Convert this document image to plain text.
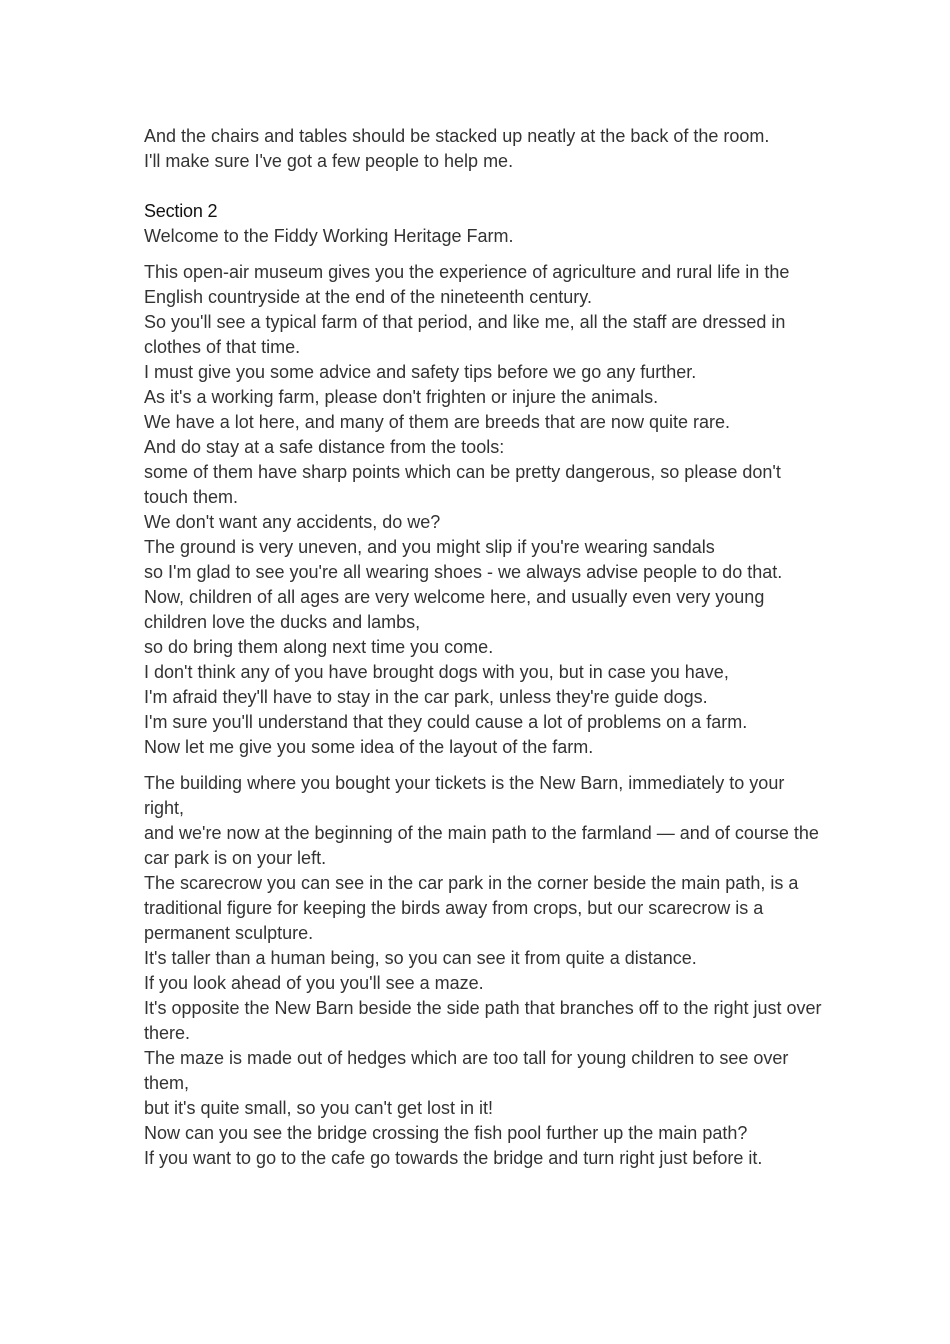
And the chairs and tables should be stacked up neatly at the back of the room.
I'll make sure I've got a few people to help me.
Section 2
Welcome to the Fiddy Working Heritage Farm.
This open-air museum gives you the experience of agriculture and rural life in the English countryside at the end of the nineteenth century.
So you'll see a typical farm of that period, and like me, all the staff are dressed in clothes of that time.
I must give you some advice and safety tips before we go any further.
As it's a working farm, please don't frighten or injure the animals.
We have a lot here, and many of them are breeds that are now quite rare.
And do stay at a safe distance from the tools:
some of them have sharp points which can be pretty dangerous, so please don't touch them.
We don't want any accidents, do we?
The ground is very uneven, and you might slip if you're wearing sandals
so I'm glad to see you're all wearing shoes - we always advise people to do that.
Now, children of all ages are very welcome here, and usually even very young children love the ducks and lambs,
so do bring them along next time you come.
I don't think any of you have brought dogs with you, but in case you have,
I'm afraid they'll have to stay in the car park, unless they're guide dogs.
I'm sure you'll understand that they could cause a lot of problems on a farm.
Now let me give you some idea of the layout of the farm.
The building where you bought your tickets is the New Barn, immediately to your right,
and we're now at the beginning of the main path to the farmland — and of course the car park is on your left.
The scarecrow you can see in the car park in the corner beside the main path, is a traditional figure for keeping the birds away from crops, but our scarecrow is a permanent sculpture.
It's taller than a human being, so you can see it from quite a distance.
If you look ahead of you you'll see a maze.
It's opposite the New Barn beside the side path that branches off to the right just over there.
The maze is made out of hedges which are too tall for young children to see over them,
but it's quite small, so you can't get lost in it!
Now can you see the bridge crossing the fish pool further up the main path?
If you want to go to the cafe go towards the bridge and turn right just before it.
